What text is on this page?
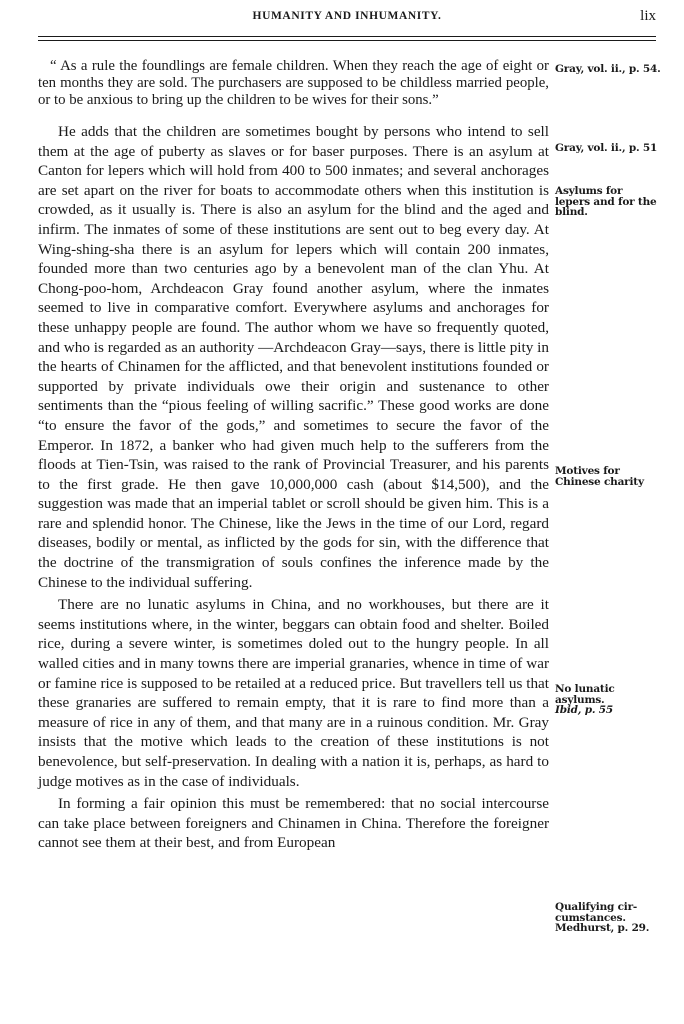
HUMANITY AND INHUMANITY.	lix

“ As a rule the foundlings are female children. When they reach the age of eight or ten months they are sold. The purchasers are supposed to be childless married people, or to be anxious to bring up the children to be wives for their sons.”

He adds that the children are sometimes bought by persons who intend to sell them at the age of puberty as slaves or for baser purposes. There is an asylum at Canton for lepers which will hold from 400 to 500 inmates; and several anchorages are set apart on the river for boats to accommodate others when this institution is crowded, as it usually is. There is also an asylum for the blind and the aged and infirm. The inmates of some of these institutions are sent out to beg every day. At Wing-shing-sha there is an asylum for lepers which will contain 200 inmates, founded more than two centuries ago by a benevolent man of the clan Yhu. At Chong-poo-hom, Archdeacon Gray found another asylum, where the inmates seemed to live in comparative comfort. Everywhere asylums and anchorages for these unhappy people are found. The author whom we have so frequently quoted, and who is regarded as an authority —Archdeacon Gray—says, there is little pity in the hearts of Chinamen for the afflicted, and that benevolent institutions founded or supported by private individuals owe their origin and sustenance to other sentiments than the “pious feeling of willing sacrific.” These good works are done “to ensure the favor of the gods,” and sometimes to secure the favor of the Emperor. In 1872, a banker who had given much help to the sufferers from the floods at Tien-Tsin, was raised to the rank of Provincial Treasurer, and his parents to the first grade. He then gave 10,000,000 cash (about $14,500), and the suggestion was made that an imperial tablet or scroll should be given him. This is a rare and splendid honor. The Chinese, like the Jews in the time of our Lord, regard diseases, bodily or mental, as inflicted by the gods for sin, with the difference that the doctrine of the transmigration of souls confines the inference made by the Chinese to the individual suffering.

There are no lunatic asylums in China, and no workhouses, but there are it seems institutions where, in the winter, beggars can obtain food and shelter. Boiled rice, during a severe winter, is sometimes doled out to the hungry people. In all walled cities and in many towns there are imperial granaries, whence in time of war or famine rice is supposed to be retailed at a reduced price. But travellers tell us that these granaries are suffered to remain empty, that it is rare to find more than a measure of rice in any of them, and that many are in a ruinous condition. Mr. Gray insists that the motive which leads to the creation of these institutions is not benevolence, but self-preservation. In dealing with a nation it is, perhaps, as hard to judge motives as in the case of individuals.

In forming a fair opinion this must be remembered: that no social intercourse can take place between foreigners and Chinamen in China. Therefore the foreigner cannot see them at their best, and from European

Gray, vol. ii., p. 54.
Gray, vol. ii., p. 51
Asylums for
lepers and for the
blind.
Motives for
Chinese charity
No lunatic
asylums.
Ibid, p. 55
Qualifying cir-
cumstances.
Medhurst, p. 29.
